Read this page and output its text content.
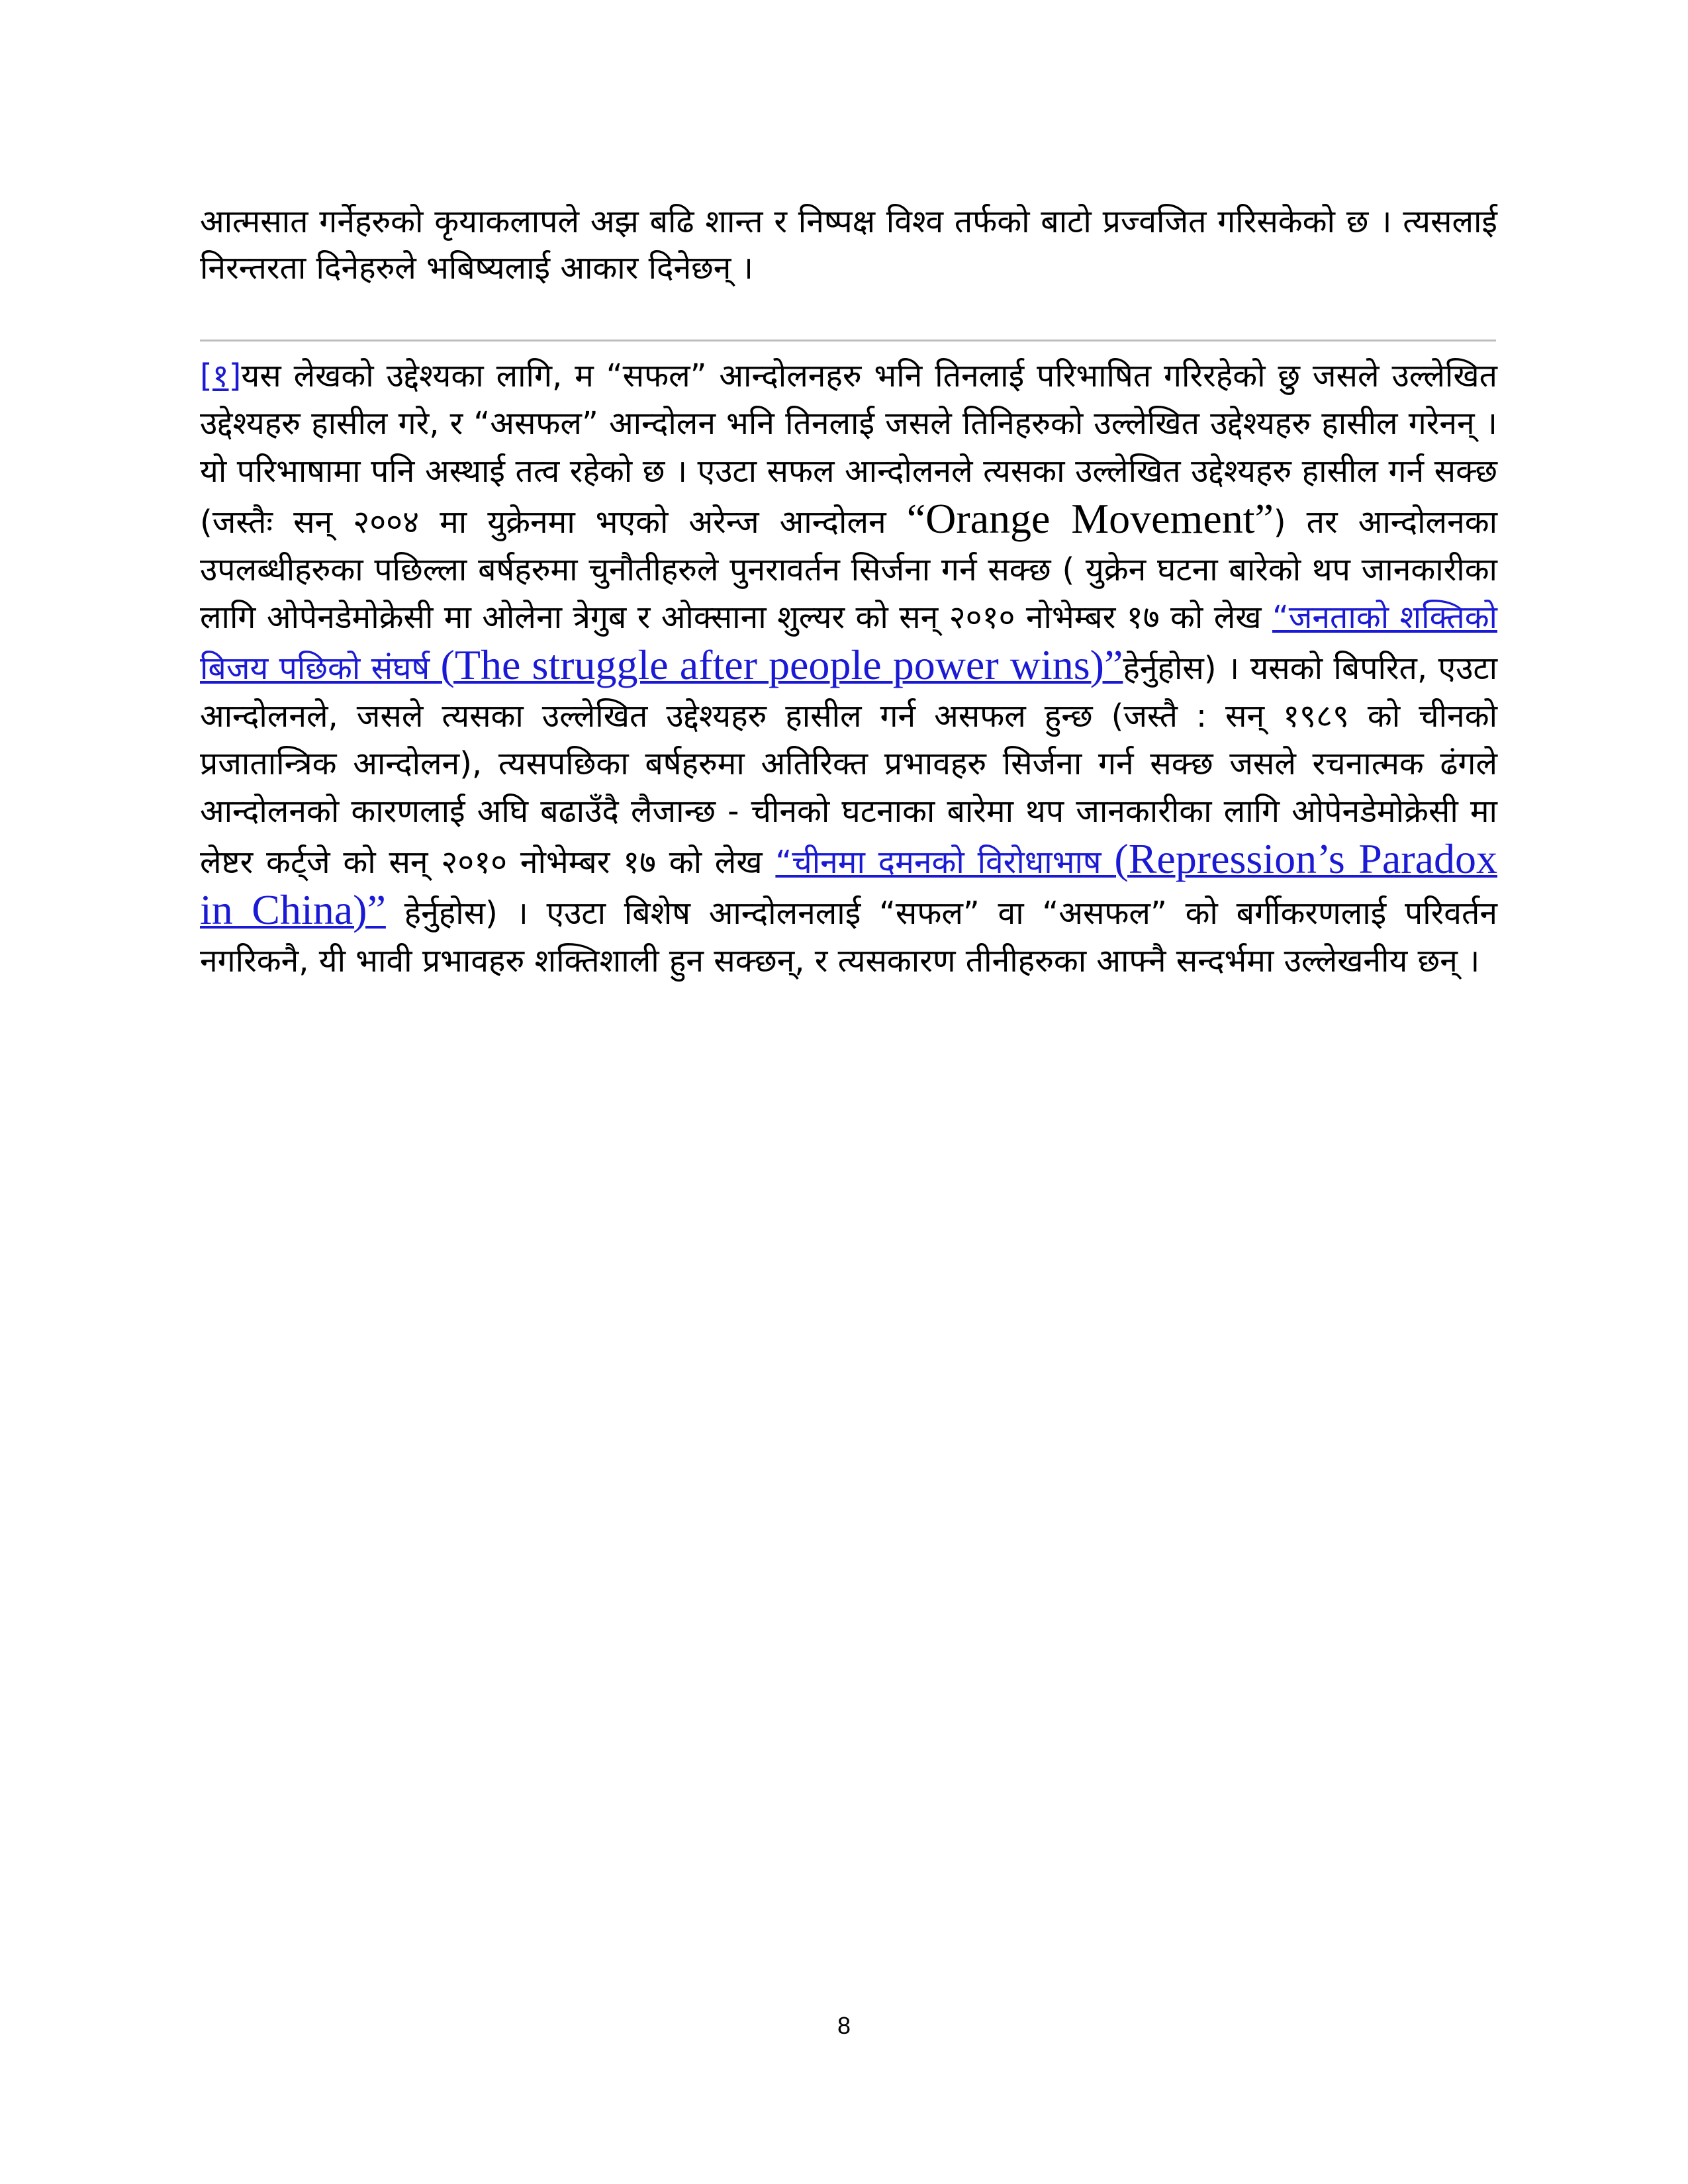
आत्मसात गर्नेहरुको कृयाकलापले अझ बढि शान्त र निष्पक्ष विश्व तर्फको बाटो प्रज्वजित गरिसकेको छ । त्यसलाई निरन्तरता दिनेहरुले भबिष्यलाई आकार दिनेछन् ।

[१]यस लेखको उद्देश्यका लागि, म “सफल” आन्दोलनहरु भनि तिनलाई परिभाषित गरिरहेको छु जसले उल्लेखित उद्देश्यहरु हासील गरे, र “असफल” आन्दोलन भनि तिनलाई जसले तिनिहरुको उल्लेखित उद्देश्यहरु हासील गरेनन् । यो परिभाषामा पनि अस्थाई तत्व रहेको छ । एउटा सफल आन्दोलनले त्यसका उल्लेखित उद्देश्यहरु हासील गर्न सक्छ (जस्तैः सन् २००४ मा युक्रेनमा भएको अरेन्ज आन्दोलन “Orange Movement”) तर आन्दोलनका उपलब्धीहरुका पछिल्ला बर्षहरुमा चुनौतीहरुले पुनरावर्तन सिर्जना गर्न सक्छ ( युक्रेन घटना बारेको थप जानकारीका लागि ओपेनडेमोक्रेसी मा ओलेना त्रेगुब र ओक्साना शुल्यर को सन् २०१० नोभेम्बर १७ को लेख “जनताको शक्तिको बिजय पछिको संघर्ष (The struggle after people power wins)”हेर्नुहोस) । यसको बिपरित, एउटा आन्दोलनले, जसले त्यसका उल्लेखित उद्देश्यहरु हासील गर्न असफल हुन्छ (जस्तै : सन् १९८९ को चीनको प्रजातान्त्रिक आन्दोलन), त्यसपछिका बर्षहरुमा अतिरिक्त प्रभावहरु सिर्जना गर्न सक्छ जसले रचनात्मक ढंगले आन्दोलनको कारणलाई अघि बढाउँदै लैजान्छ - चीनको घटनाका बारेमा थप जानकारीका लागि ओपेनडेमोक्रेसी मा लेष्टर कर्ट्जे को सन् २०१० नोभेम्बर १७ को लेख “चीनमा दमनको विरोधाभाष (Repression’s Paradox in China)” हेर्नुहोस) । एउटा बिशेष आन्दोलनलाई “सफल” वा “असफल” को बर्गीकरणलाई परिवर्तन नगरिकनै, यी भावी प्रभावहरु शक्तिशाली हुन सक्छन्, र त्यसकारण तीनीहरुका आफ्नै सन्दर्भमा उल्लेखनीय छन् ।

8
